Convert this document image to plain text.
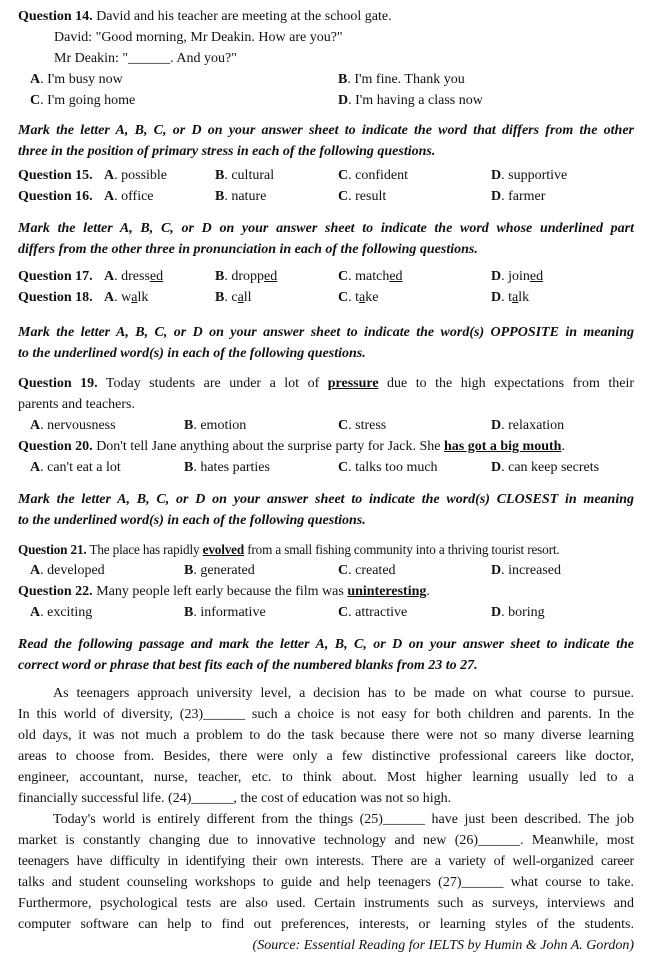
Question 14. David and his teacher are meeting at the school gate.
David: "Good morning, Mr Deakin. How are you?"
Mr Deakin: "______. And you?"
A. I'm busy now	B. I'm fine. Thank you
C. I'm going home	D. I'm having a class now
Mark the letter A, B, C, or D on your answer sheet to indicate the word that differs from the other
three in the position of primary stress in each of the following questions.
Question 15. A. possible	B. cultural	C. confident	D. supportive
Question 16. A. office	B. nature	C. result	D. farmer
Mark the letter A, B, C, or D on your answer sheet to indicate the word whose underlined part
differs from the other three in pronunciation in each of the following questions.
Question 17. A. dressed	B. dropped	C. matched	D. joined
Question 18. A. walk	B. call	C. take	D. talk
Mark the letter A, B, C, or D on your answer sheet to indicate the word(s) OPPOSITE in meaning
to the underlined word(s) in each of the following questions.
Question 19. Today students are under a lot of pressure due to the high expectations from their
parents and teachers.
A. nervousness	B. emotion	C. stress	D. relaxation
Question 20. Don't tell Jane anything about the surprise party for Jack. She has got a big mouth.
A. can't eat a lot	B. hates parties	C. talks too much	D. can keep secrets
Mark the letter A, B, C, or D on your answer sheet to indicate the word(s) CLOSEST in meaning
to the underlined word(s) in each of the following questions.
Question 21. The place has rapidly evolved from a small fishing community into a thriving tourist resort.
A. developed	B. generated	C. created	D. increased
Question 22. Many people left early because the film was uninteresting.
A. exciting	B. informative	C. attractive	D. boring
Read the following passage and mark the letter A, B, C, or D on your answer sheet to indicate the
correct word or phrase that best fits each of the numbered blanks from 23 to 27.
As teenagers approach university level, a decision has to be made on what course to pursue.
In this world of diversity, (23)______ such a choice is not easy for both children and parents. In the
old days, it was not much a problem to do the task because there were not so many diverse learning
areas to choose from. Besides, there were only a few distinctive professional careers like doctor,
engineer, accountant, nurse, teacher, etc. to think about. Most higher learning usually led to a
financially successful life. (24)______, the cost of education was not so high.
Today's world is entirely different from the things (25)______ have just been described. The job
market is constantly changing due to innovative technology and new (26)______. Meanwhile, most
teenagers have difficulty in identifying their own interests. There are a variety of well-organized career
talks and student counseling workshops to guide and help teenagers (27)______ what course to take.
Furthermore, psychological tests are also used. Certain instruments such as surveys, interviews and
computer software can help to find out preferences, interests, or learning styles of the students.
(Source: Essential Reading for IELTS by Humin & John A. Gordon)
